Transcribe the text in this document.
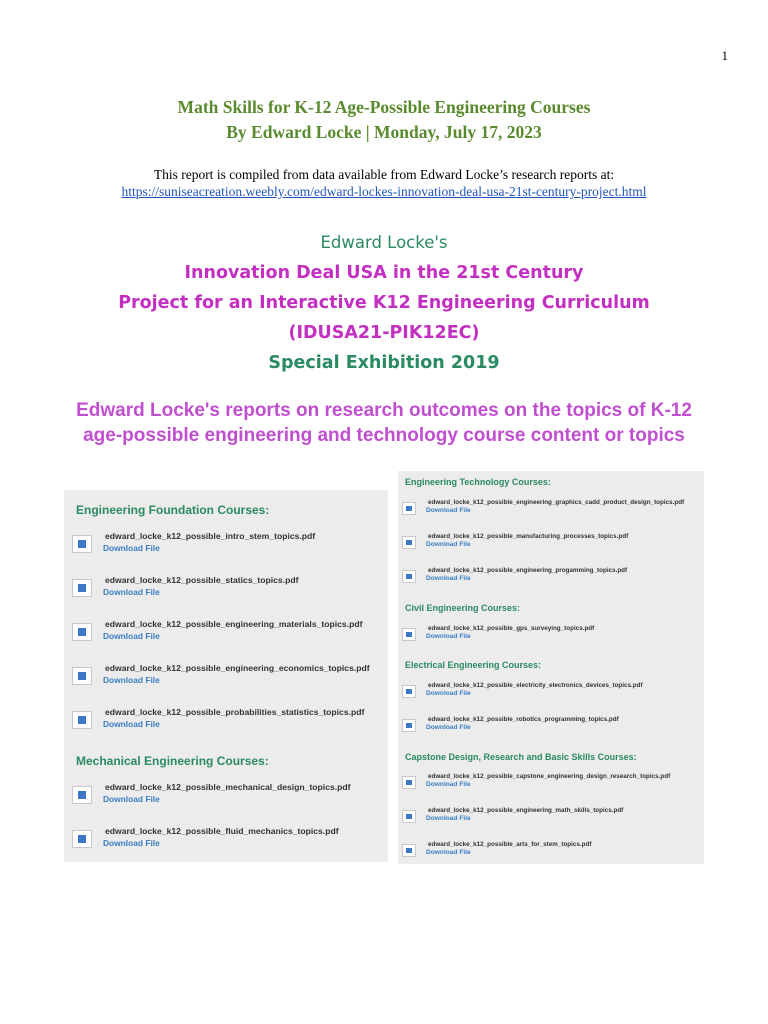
1
Math Skills for K-12 Age-Possible Engineering Courses
By Edward Locke | Monday, July 17, 2023
This report is compiled from data available from Edward Locke’s research reports at:
https://suniseacreation.weebly.com/edward-lockes-innovation-deal-usa-21st-century-project.html
Edward Locke's
Innovation Deal USA in the 21st Century
Project for an Interactive K12 Engineering Curriculum
(IDUSA21-PIK12EC)
Special Exhibition 2019
Edward Locke's reports on research outcomes on the topics of K-12
age-possible engineering and technology course content or topics
Engineering Foundation Courses:
edward_locke_k12_possible_intro_stem_topics.pdf
Download File
edward_locke_k12_possible_statics_topics.pdf
Download File
edward_locke_k12_possible_engineering_materials_topics.pdf
Download File
edward_locke_k12_possible_engineering_economics_topics.pdf
Download File
edward_locke_k12_possible_probabilities_statistics_topics.pdf
Download File
Mechanical Engineering Courses:
edward_locke_k12_possible_mechanical_design_topics.pdf
Download File
edward_locke_k12_possible_fluid_mechanics_topics.pdf
Download File
Engineering Technology Courses:
edward_locke_k12_possible_engineering_graphics_cadd_product_design_topics.pdf
Download File
edward_locke_k12_possible_manufacturing_processes_topics.pdf
Download File
edward_locke_k12_possible_engineering_progamming_topics.pdf
Download File
Civil Engineering Courses:
edward_locke_k12_possible_gps_surveying_topics.pdf
Download File
Electrical Engineering Courses:
edward_locke_k12_possible_electricity_electronics_devices_topics.pdf
Download File
edward_locke_k12_possible_robotics_programming_topics.pdf
Download File
Capstone Design, Research and Basic Skills Courses:
edward_locke_k12_possible_capstone_engineering_design_research_topics.pdf
Download File
edward_locke_k12_possible_engineering_math_skills_topics.pdf
Download File
edward_locke_k12_possible_arts_for_stem_topics.pdf
Download File
